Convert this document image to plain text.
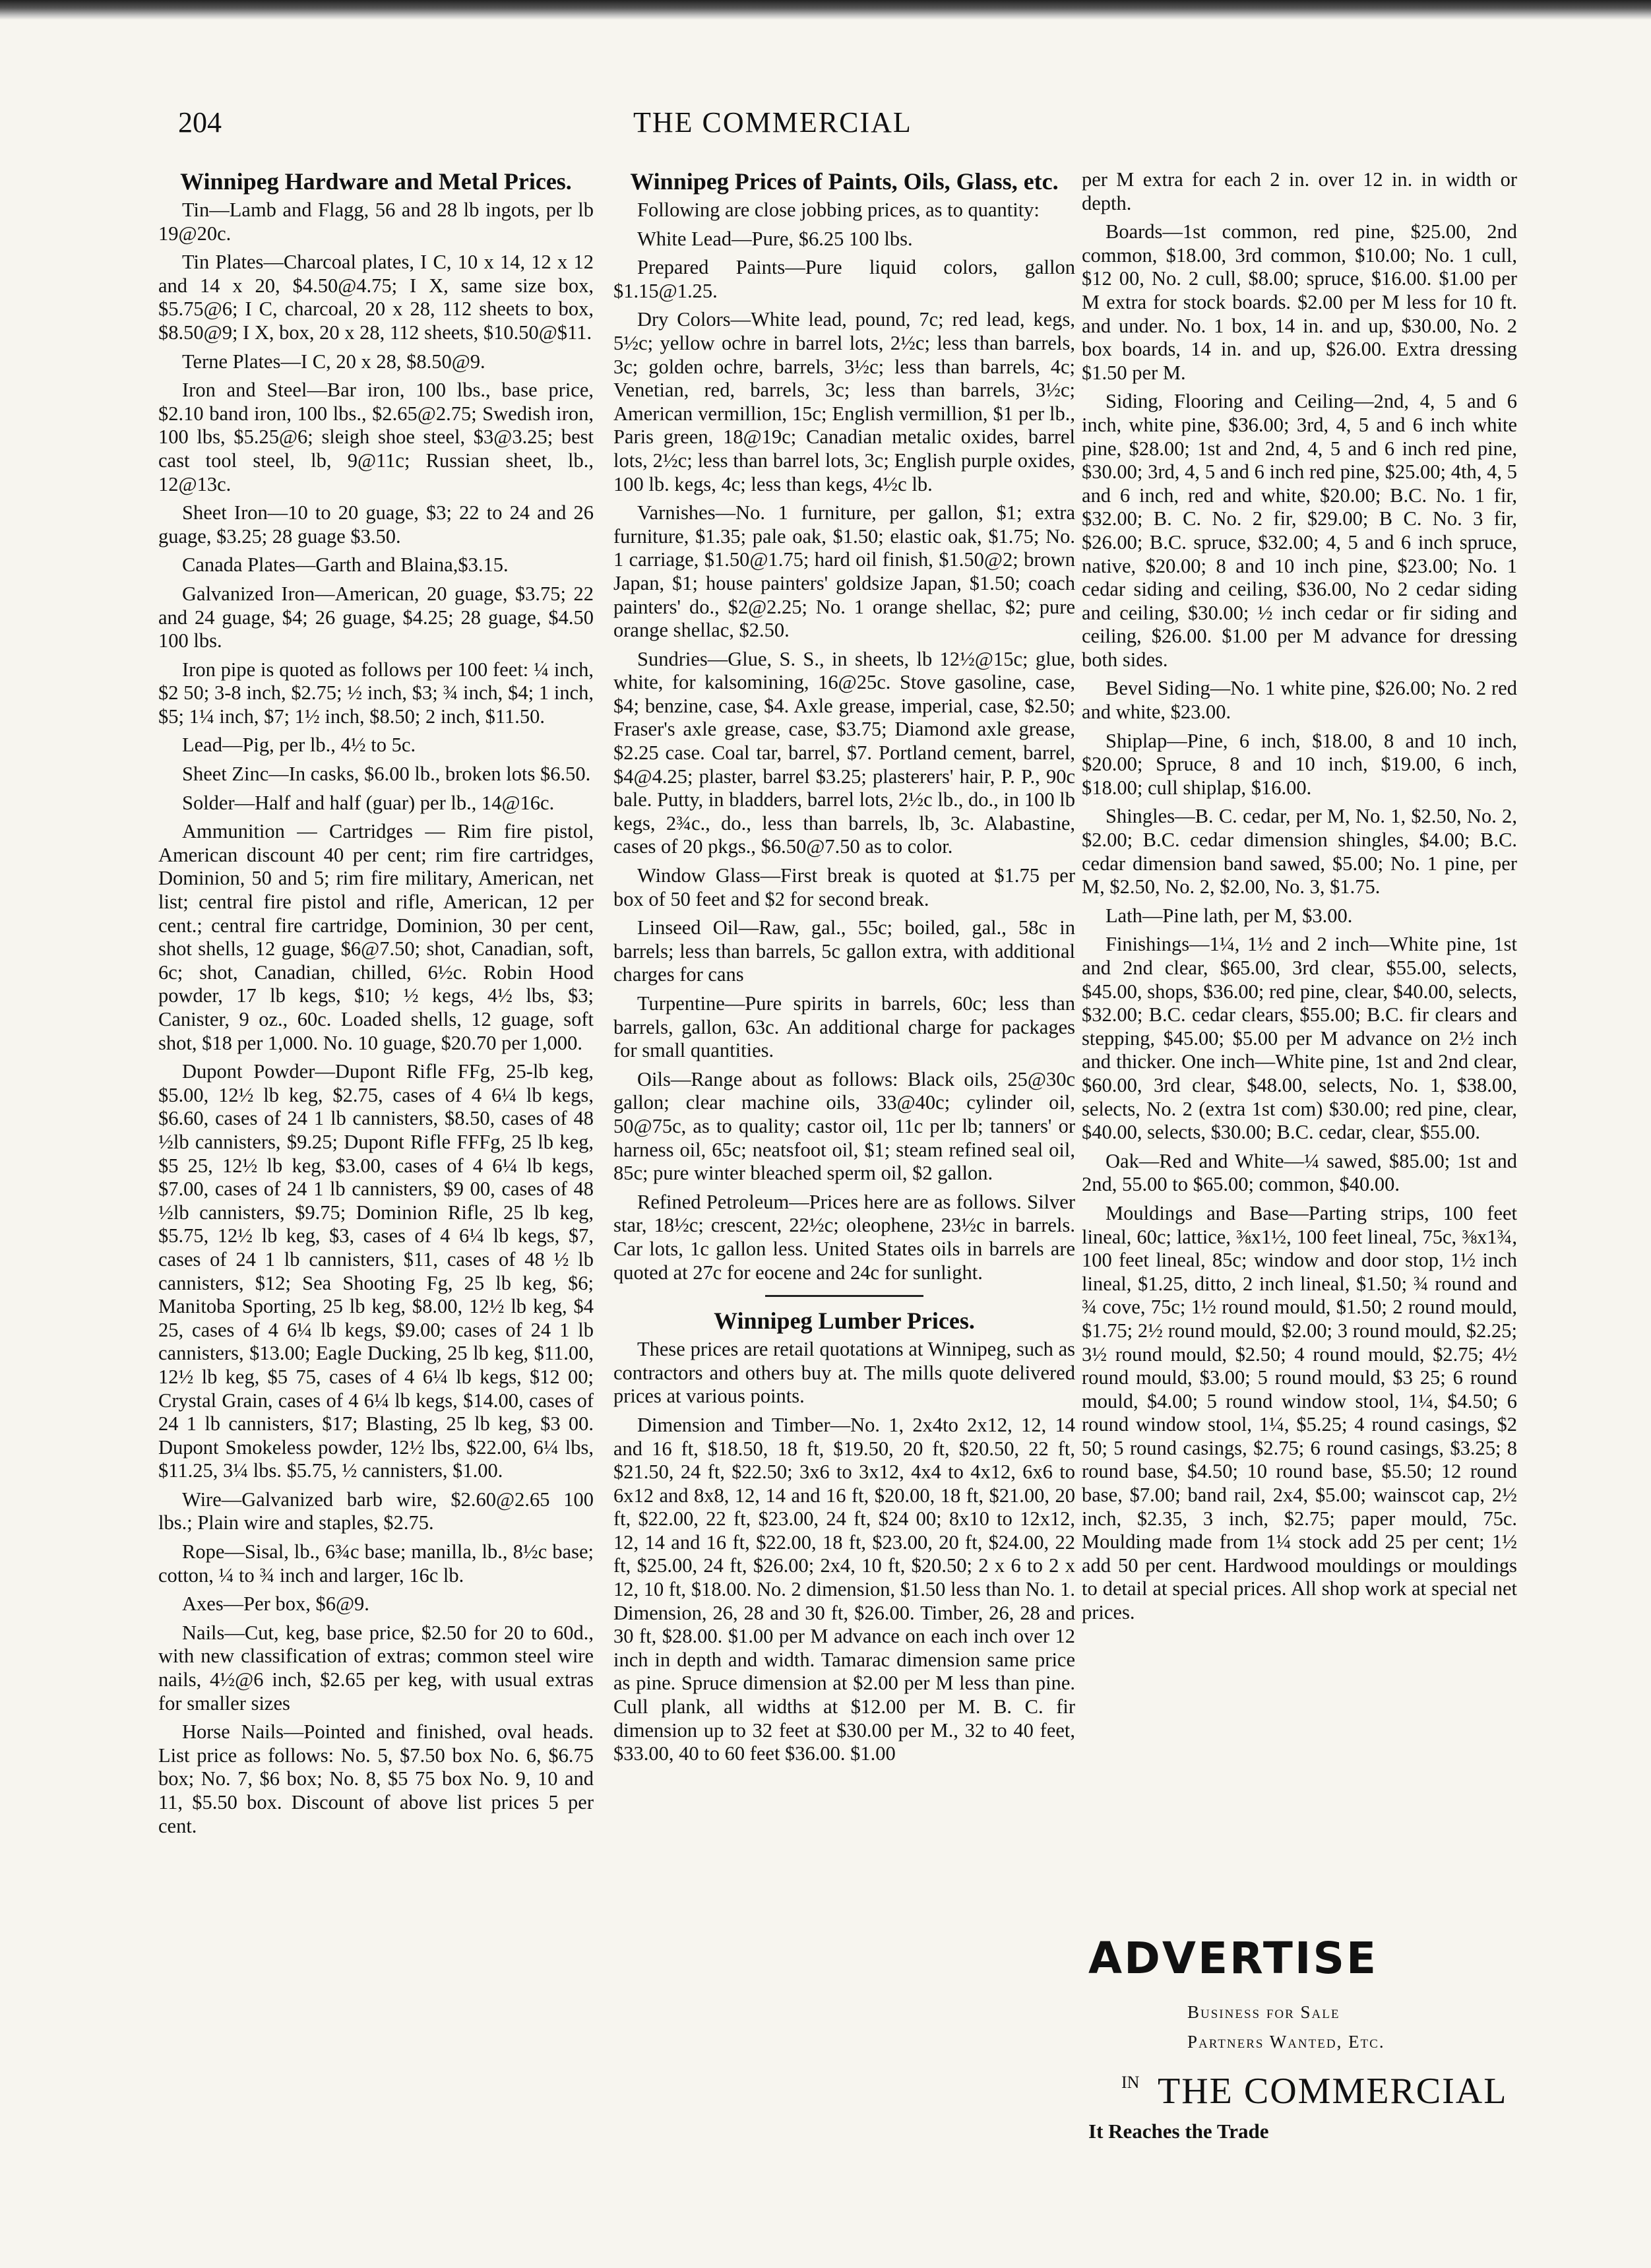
204	THE COMMERCIAL
Winnipeg Hardware and Metal Prices.

Tin—Lamb and Flagg, 56 and 28 lb ingots, per lb 19@20c.

Tin Plates—Charcoal plates, I C, 10 x 14, 12 x 12 and 14 x 20, $4.50@4.75; I X, same size box, $5.75@6; I C, charcoal, 20 x 28, 112 sheets to box, $8.50@9; I X, box, 20 x 28, 112 sheets, $10.50@$11.

Terne Plates—I C, 20 x 28, $8.50@9.

Iron and Steel—Bar iron, 100 lbs., base price, $2.10 band iron, 100 lbs., $2.65@2.75; Swedish iron, 100 lbs, $5.25@6; sleigh shoe steel, $3@3.25; best cast tool steel, lb, 9@11c; Russian sheet, lb., 12@13c.

Sheet Iron—10 to 20 guage, $3; 22 to 24 and 26 guage, $3.25; 28 guage $3.50.

Canada Plates—Garth and Blaina,$3.15.

Galvanized Iron—American, 20 guage, $3.75; 22 and 24 guage, $4; 26 guage, $4.25; 28 guage, $4.50 100 lbs.

Iron pipe is quoted as follows per 100 feet: ¼ inch, $2 50; 3-8 inch, $2.75; ½ inch, $3; ¾ inch, $4; 1 inch, $5; 1¼ inch, $7; 1½ inch, $8.50; 2 inch, $11.50.

Lead—Pig, per lb., 4½ to 5c.

Sheet Zinc—In casks, $6.00 lb., broken lots $6.50.

Solder—Half and half (guar) per lb., 14@16c.

Ammunition — Cartridges — Rim fire pistol, American discount 40 per cent; rim fire cartridges, Dominion, 50 and 5; rim fire military, American, net list; central fire pistol and rifle, American, 12 per cent.; central fire cartridge, Dominion, 30 per cent, shot shells, 12 guage, $6@7.50; shot, Canadian, soft, 6c; shot, Canadian, chilled, 6½c. Robin Hood powder, 17 lb kegs, $10; ½ kegs, 4½ lbs, $3; Canister, 9 oz., 60c. Loaded shells, 12 guage, soft shot, $18 per 1,000. No. 10 guage, $20.70 per 1,000.

Dupont Powder—Dupont Rifle FFg, 25-lb keg, $5.00, 12½ lb keg, $2.75, cases of 4 6¼ lb kegs, $6.60, cases of 24 1 lb cannisters, $8.50, cases of 48 ½lb cannisters, $9.25; Dupont Rifle FFFg, 25 lb keg, $5 25, 12½ lb keg, $3.00, cases of 4 6¼ lb kegs, $7.00, cases of 24 1 lb cannisters, $9 00, cases of 48 ½lb cannisters, $9.75; Dominion Rifle, 25 lb keg, $5.75, 12½ lb keg, $3, cases of 4 6¼ lb kegs, $7, cases of 24 1 lb cannisters, $11, cases of 48 ½ lb cannisters, $12; Sea Shooting Fg, 25 lb keg, $6; Manitoba Sporting, 25 lb keg, $8.00, 12½ lb keg, $4 25, cases of 4 6¼ lb kegs, $9.00; cases of 24 1 lb cannisters, $13.00; Eagle Ducking, 25 lb keg, $11.00, 12½ lb keg, $5 75, cases of 4 6¼ lb kegs, $12 00; Crystal Grain, cases of 4 6¼ lb kegs, $14.00, cases of 24 1 lb cannisters, $17; Blasting, 25 lb keg, $3 00. Dupont Smokeless powder, 12½ lbs, $22.00, 6¼ lbs, $11.25, 3¼ lbs. $5.75, ½ cannisters, $1.00.

Wire—Galvanized barb wire, $2.60@2.65 100 lbs.; Plain wire and staples, $2.75.

Rope—Sisal, lb., 6¾c base; manilla, lb., 8½c base; cotton, ¼ to ¾ inch and larger, 16c lb.

Axes—Per box, $6@9.

Nails—Cut, keg, base price, $2.50 for 20 to 60d., with new classification of extras; common steel wire nails, 4½@6 inch, $2.65 per keg, with usual extras for smaller sizes

Horse Nails—Pointed and finished, oval heads. List price as follows: No. 5, $7.50 box No. 6, $6.75 box; No. 7, $6 box; No. 8, $5 75 box No. 9, 10 and 11, $5.50 box. Discount of above list prices 5 per cent.

Winnipeg Prices of Paints, Oils, Glass, etc.

Following are close jobbing prices, as to quantity:

White Lead—Pure, $6.25 100 lbs.

Prepared Paints—Pure liquid colors, gallon $1.15@1.25.

Dry Colors—White lead, pound, 7c; red lead, kegs, 5½c; yellow ochre in barrel lots, 2½c; less than barrels, 3c; golden ochre, barrels, 3½c; less than barrels, 4c; Venetian, red, barrels, 3c; less than barrels, 3½c; American vermillion, 15c; English vermillion, $1 per lb., Paris green, 18@19c; Canadian metalic oxides, barrel lots, 2½c; less than barrel lots, 3c; English purple oxides, 100 lb. kegs, 4c; less than kegs, 4½c lb.

Varnishes—No. 1 furniture, per gallon, $1; extra furniture, $1.35; pale oak, $1.50; elastic oak, $1.75; No. 1 carriage, $1.50@1.75; hard oil finish, $1.50@2; brown Japan, $1; house painters' goldsize Japan, $1.50; coach painters' do., $2@2.25; No. 1 orange shellac, $2; pure orange shellac, $2.50.

Sundries—Glue, S. S., in sheets, lb 12½@15c; glue, white, for kalsomining, 16@25c. Stove gasoline, case, $4; benzine, case, $4. Axle grease, imperial, case, $2.50; Fraser's axle grease, case, $3.75; Diamond axle grease, $2.25 case. Coal tar, barrel, $7. Portland cement, barrel, $4@4.25; plaster, barrel $3.25; plasterers' hair, P. P., 90c bale. Putty, in bladders, barrel lots, 2½c lb., do., in 100 lb kegs, 2¾c., do., less than barrels, lb, 3c. Alabastine, cases of 20 pkgs., $6.50@7.50 as to color.

Window Glass—First break is quoted at $1.75 per box of 50 feet and $2 for second break.

Linseed Oil—Raw, gal., 55c; boiled, gal., 58c in barrels; less than barrels, 5c gallon extra, with additional charges for cans

Turpentine—Pure spirits in barrels, 60c; less than barrels, gallon, 63c. An additional charge for packages for small quantities.

Oils—Range about as follows: Black oils, 25@30c gallon; clear machine oils, 33@40c; cylinder oil, 50@75c, as to quality; castor oil, 11c per lb; tanners' or harness oil, 65c; neatsfoot oil, $1; steam refined seal oil, 85c; pure winter bleached sperm oil, $2 gallon.

Refined Petroleum—Prices here are as follows. Silver star, 18½c; crescent, 22½c; oleophene, 23½c in barrels. Car lots, 1c gallon less. United States oils in barrels are quoted at 27c for eocene and 24c for sunlight.

Winnipeg Lumber Prices.

These prices are retail quotations at Winnipeg, such as contractors and others buy at. The mills quote delivered prices at various points.

Dimension and Timber—No. 1, 2x4to 2x12, 12, 14 and 16 ft, $18.50, 18 ft, $19.50, 20 ft, $20.50, 22 ft, $21.50, 24 ft, $22.50; 3x6 to 3x12, 4x4 to 4x12, 6x6 to 6x12 and 8x8, 12, 14 and 16 ft, $20.00, 18 ft, $21.00, 20 ft, $22.00, 22 ft, $23.00, 24 ft, $24 00; 8x10 to 12x12, 12, 14 and 16 ft, $22.00, 18 ft, $23.00, 20 ft, $24.00, 22 ft, $25.00, 24 ft, $26.00; 2x4, 10 ft, $20.50; 2 x 6 to 2 x 12, 10 ft, $18.00. No. 2 dimension, $1.50 less than No. 1. Dimension, 26, 28 and 30 ft, $26.00. Timber, 26, 28 and 30 ft, $28.00. $1.00 per M advance on each inch over 12 inch in depth and width. Tamarac dimension same price as pine. Spruce dimension at $2.00 per M less than pine. Cull plank, all widths at $12.00 per M. B. C. fir dimension up to 32 feet at $30.00 per M., 32 to 40 feet, $33.00, 40 to 60 feet $36.00. $1.00

per M extra for each 2 in. over 12 in. in width or depth.

Boards—1st common, red pine, $25.00, 2nd common, $18.00, 3rd common, $10.00; No. 1 cull, $12 00, No. 2 cull, $8.00; spruce, $16.00. $1.00 per M extra for stock boards. $2.00 per M less for 10 ft. and under. No. 1 box, 14 in. and up, $30.00, No. 2 box boards, 14 in. and up, $26.00. Extra dressing $1.50 per M.

Siding, Flooring and Ceiling—2nd, 4, 5 and 6 inch, white pine, $36.00; 3rd, 4, 5 and 6 inch white pine, $28.00; 1st and 2nd, 4, 5 and 6 inch red pine, $30.00; 3rd, 4, 5 and 6 inch red pine, $25.00; 4th, 4, 5 and 6 inch, red and white, $20.00; B.C. No. 1 fir, $32.00; B. C. No. 2 fir, $29.00; B C. No. 3 fir, $26.00; B.C. spruce, $32.00; 4, 5 and 6 inch spruce, native, $20.00; 8 and 10 inch pine, $23.00; No. 1 cedar siding and ceiling, $36.00, No 2 cedar siding and ceiling, $30.00; ½ inch cedar or fir siding and ceiling, $26.00. $1.00 per M advance for dressing both sides.

Bevel Siding—No. 1 white pine, $26.00; No. 2 red and white, $23.00.

Shiplap—Pine, 6 inch, $18.00, 8 and 10 inch, $20.00; Spruce, 8 and 10 inch, $19.00, 6 inch, $18.00; cull shiplap, $16.00.

Shingles—B. C. cedar, per M, No. 1, $2.50, No. 2, $2.00; B.C. cedar dimension shingles, $4.00; B.C. cedar dimension band sawed, $5.00; No. 1 pine, per M, $2.50, No. 2, $2.00, No. 3, $1.75.

Lath—Pine lath, per M, $3.00.

Finishings—1¼, 1½ and 2 inch—White pine, 1st and 2nd clear, $65.00, 3rd clear, $55.00, selects, $45.00, shops, $36.00; red pine, clear, $40.00, selects, $32.00; B.C. cedar clears, $55.00; B.C. fir clears and stepping, $45.00; $5.00 per M advance on 2½ inch and thicker. One inch—White pine, 1st and 2nd clear, $60.00, 3rd clear, $48.00, selects, No. 1, $38.00, selects, No. 2 (extra 1st com) $30.00; red pine, clear, $40.00, selects, $30.00; B.C. cedar, clear, $55.00.

Oak—Red and White—¼ sawed, $85.00; 1st and 2nd, 55.00 to $65.00; common, $40.00.

Mouldings and Base—Parting strips, 100 feet lineal, 60c; lattice, ⅜x1½, 100 feet lineal, 75c, ⅜x1¾, 100 feet lineal, 85c; window and door stop, 1½ inch lineal, $1.25, ditto, 2 inch lineal, $1.50; ¾ round and ¾ cove, 75c; 1½ round mould, $1.50; 2 round mould, $1.75; 2½ round mould, $2.00; 3 round mould, $2.25; 3½ round mould, $2.50; 4 round mould, $2.75; 4½ round mould, $3.00; 5 round mould, $3 25; 6 round mould, $4.00; 5 round window stool, 1¼, $4.50; 6 round window stool, 1¼, $5.25; 4 round casings, $2 50; 5 round casings, $2.75; 6 round casings, $3.25; 8 round base, $4.50; 10 round base, $5.50; 12 round base, $7.00; band rail, 2x4, $5.00; wainscot cap, 2½ inch, $2.35, 3 inch, $2.75; paper mould, 75c. Moulding made from 1¼ stock add 25 per cent; 1½ add 50 per cent. Hardwood mouldings or mouldings to detail at special prices. All shop work at special net prices.

ADVERTISE
Business for Sale
Partners Wanted, Etc.
IN THE COMMERCIAL
It Reaches the Trade
